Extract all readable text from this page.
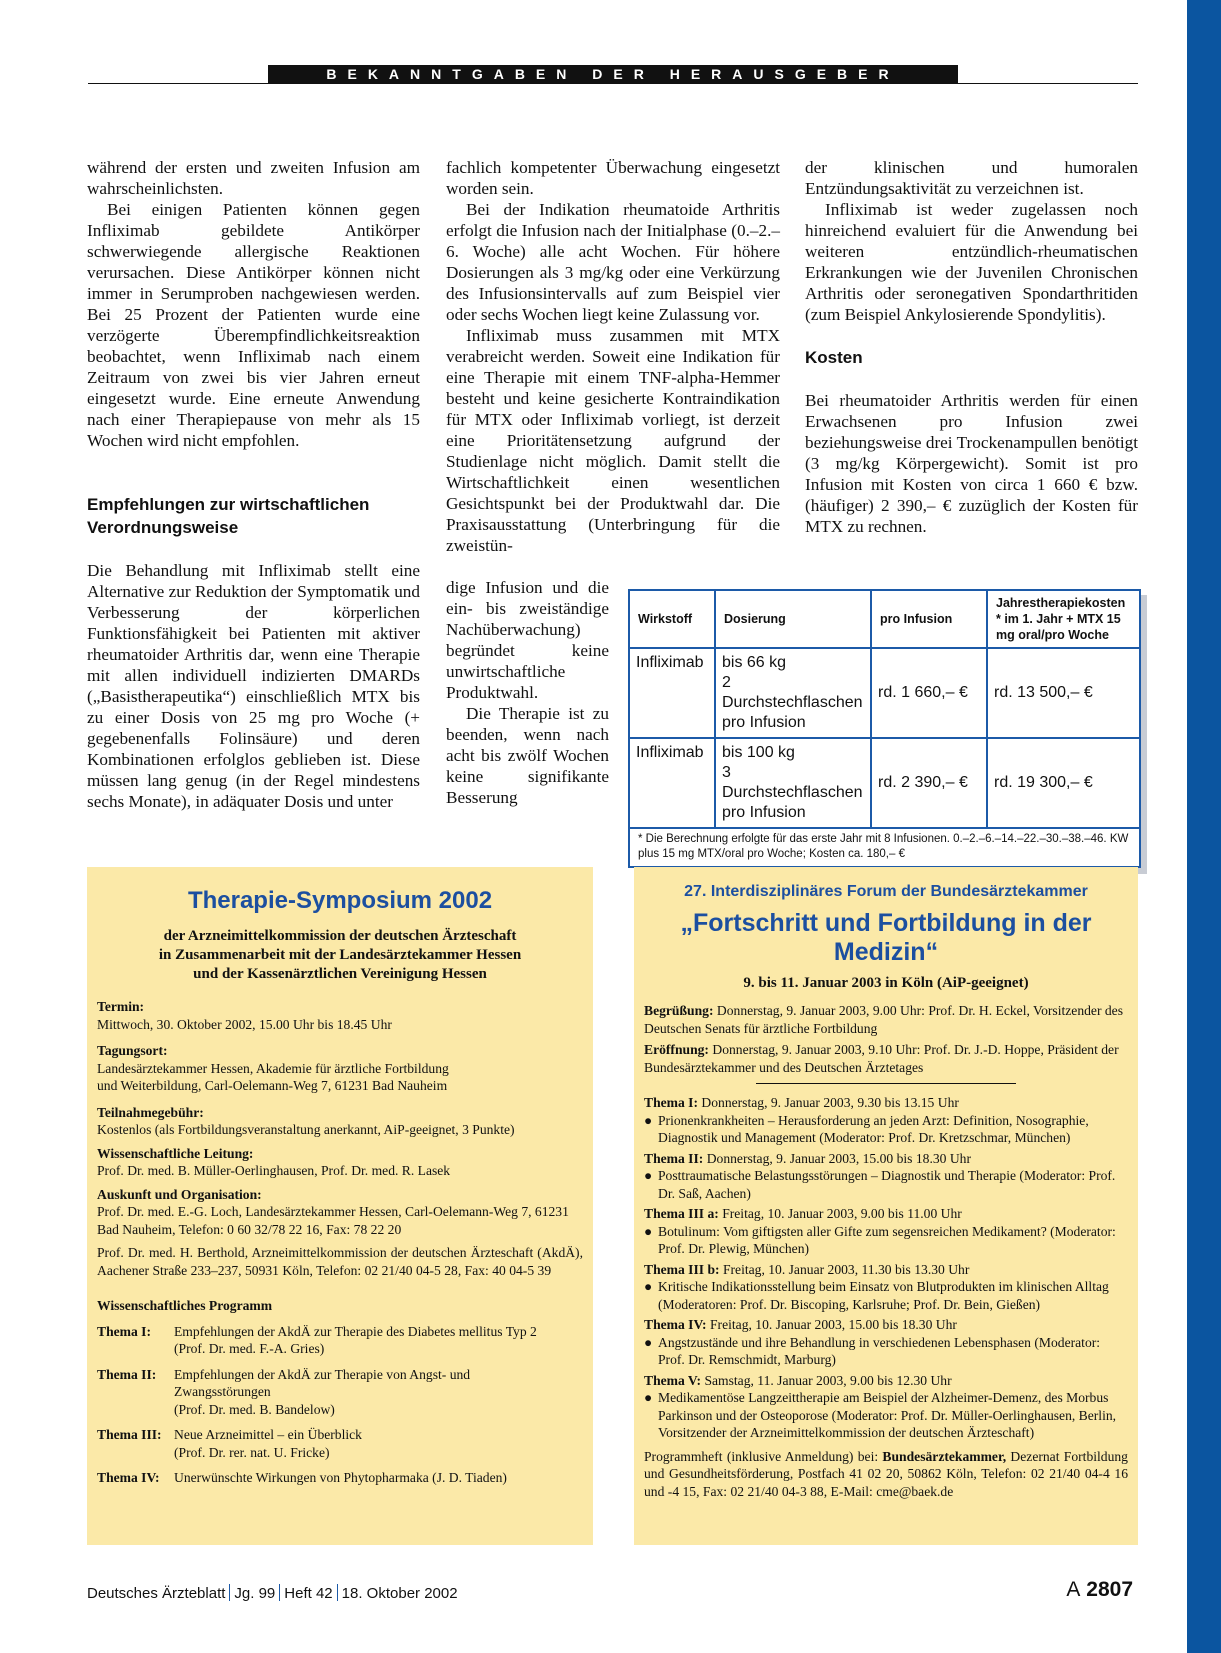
BEKANNTGABEN DER HERAUSGEBER

während der ersten und zweiten Infusion am wahrscheinlichsten.

Bei einigen Patienten können gegen Infliximab gebildete Antikörper schwerwiegende allergische Reaktionen verursachen. Diese Antikörper können nicht immer in Serumproben nachgewiesen werden. Bei 25 Prozent der Patienten wurde eine verzögerte Überempfindlichkeitsreaktion beobachtet, wenn Infliximab nach einem Zeitraum von zwei bis vier Jahren erneut eingesetzt wurde. Eine erneute Anwendung nach einer Therapiepause von mehr als 15 Wochen wird nicht empfohlen.

Empfehlungen zur wirtschaftlichen Verordnungsweise

Die Behandlung mit Infliximab stellt eine Alternative zur Reduktion der Symptomatik und Verbesserung der körperlichen Funktionsfähigkeit bei Patienten mit aktiver rheumatoider Arthritis dar, wenn eine Therapie mit allen individuell indizierten DMARDs („Basistherapeutika“) einschließlich MTX bis zu einer Dosis von 25 mg pro Woche (+ gegebenenfalls Folinsäure) und deren Kombinationen erfolglos geblieben ist. Diese müssen lang genug (in der Regel mindestens sechs Monate), in adäquater Dosis und unter

fachlich kompetenter Überwachung eingesetzt worden sein.

Bei der Indikation rheumatoide Arthritis erfolgt die Infusion nach der Initialphase (0.–2.–6. Woche) alle acht Wochen. Für höhere Dosierungen als 3 mg/kg oder eine Verkürzung des Infusionsintervalls auf zum Beispiel vier oder sechs Wochen liegt keine Zulassung vor.

Infliximab muss zusammen mit MTX verabreicht werden. Soweit eine Indikation für eine Therapie mit einem TNF-alpha-Hemmer besteht und keine gesicherte Kontraindikation für MTX oder Infliximab vorliegt, ist derzeit eine Prioritätensetzung aufgrund der Studienlage nicht möglich. Damit stellt die Wirtschaftlichkeit einen wesentlichen Gesichtspunkt bei der Produktwahl dar. Die Praxisausstattung (Unterbringung für die zweistün-

dige Infusion und die ein- bis zweiständige Nachüberwachung) begründet keine unwirtschaftliche Produktwahl.

Die Therapie ist zu beenden, wenn nach acht bis zwölf Wochen keine signifikante Besserung

der klinischen und humoralen Entzündungsaktivität zu verzeichnen ist.

Infliximab ist weder zugelassen noch hinreichend evaluiert für die Anwendung bei weiteren entzündlich-rheumatischen Erkrankungen wie der Juvenilen Chronischen Arthritis oder seronegativen Spondarthritiden (zum Beispiel Ankylosierende Spondylitis).

Kosten

Bei rheumatoider Arthritis werden für einen Erwachsenen pro Infusion zwei beziehungsweise drei Trockenampullen benötigt (3 mg/kg Körpergewicht). Somit ist pro Infusion mit Kosten von circa 1 660 € bzw. (häufiger) 2 390,– € zuzüglich der Kosten für MTX zu rechnen.

Wirkstoff	Dosierung	pro Infusion	Jahrestherapiekosten * im 1. Jahr + MTX 15 mg oral/pro Woche
Infliximab	bis 66 kg
2 Durchstechflaschen
pro Infusion	rd. 1 660,– €	rd. 13 500,– €
Infliximab	bis 100 kg
3 Durchstechflaschen
pro Infusion	rd. 2 390,– €	rd. 19 300,– €
* Die Berechnung erfolgte für das erste Jahr mit 8 Infusionen. 0.–2.–6.–14.–22.–30.–38.–46. KW plus 15 mg MTX/oral pro Woche; Kosten ca. 180,– €
Therapie-Symposium 2002
der Arzneimittelkommission der deutschen Ärzteschaft
in Zusammenarbeit mit der Landesärztekammer Hessen
und der Kassenärztlichen Vereinigung Hessen
Termin:
Mittwoch, 30. Oktober 2002, 15.00 Uhr bis 18.45 Uhr
Tagungsort:
Landesärztekammer Hessen, Akademie für ärztliche Fortbildung
und Weiterbildung, Carl-Oelemann-Weg 7, 61231 Bad Nauheim
Teilnahmegebühr:
Kostenlos (als Fortbildungsveranstaltung anerkannt, AiP-geeignet, 3 Punkte)
Wissenschaftliche Leitung:
Prof. Dr. med. B. Müller-Oerlinghausen, Prof. Dr. med. R. Lasek
Auskunft und Organisation:
Prof. Dr. med. E.-G. Loch, Landesärztekammer Hessen, Carl-Oelemann-Weg 7, 61231 Bad Nauheim, Telefon: 0 60 32/78 22 16, Fax: 78 22 20
Prof. Dr. med. H. Berthold, Arzneimittelkommission der deutschen Ärzteschaft (AkdÄ), Aachener Straße 233–237, 50931 Köln, Telefon: 02 21/40 04-5 28, Fax: 40 04-5 39
Wissenschaftliches Programm
Thema I:	Empfehlungen der AkdÄ zur Therapie des Diabetes mellitus Typ 2
(Prof. Dr. med. F.-A. Gries)
Thema II:	Empfehlungen der AkdÄ zur Therapie von Angst- und Zwangsstörungen
(Prof. Dr. med. B. Bandelow)
Thema III: Neue Arzneimittel – ein Überblick
(Prof. Dr. rer. nat. U. Fricke)
Thema IV:	Unerwünschte Wirkungen von Phytopharmaka (J. D. Tiaden)
27. Interdisziplinäres Forum der Bundesärztekammer
„Fortschritt und Fortbildung in der Medizin“
9. bis 11. Januar 2003 in Köln (AiP-geeignet)
Begrüßung: Donnerstag, 9. Januar 2003, 9.00 Uhr: Prof. Dr. H. Eckel, Vorsitzender des Deutschen Senats für ärztliche Fortbildung
Eröffnung: Donnerstag, 9. Januar 2003, 9.10 Uhr: Prof. Dr. J.-D. Hoppe, Präsident der Bundesärztekammer und des Deutschen Ärztetages
Thema I: Donnerstag, 9. Januar 2003, 9.30 bis 13.15 Uhr
● Prionenkrankheiten – Herausforderung an jeden Arzt: Definition, Nosographie, Diagnostik und Management (Moderator: Prof. Dr. Kretzschmar, München)
Thema II: Donnerstag, 9. Januar 2003, 15.00 bis 18.30 Uhr
● Posttraumatische Belastungsstörungen – Diagnostik und Therapie (Moderator: Prof. Dr. Saß, Aachen)
Thema III a: Freitag, 10. Januar 2003, 9.00 bis 11.00 Uhr
● Botulinum: Vom giftigsten aller Gifte zum segensreichen Medikament? (Moderator: Prof. Dr. Plewig, München)
Thema III b: Freitag, 10. Januar 2003, 11.30 bis 13.30 Uhr
● Kritische Indikationsstellung beim Einsatz von Blutprodukten im klinischen Alltag (Moderatoren: Prof. Dr. Biscoping, Karlsruhe; Prof. Dr. Bein, Gießen)
Thema IV: Freitag, 10. Januar 2003, 15.00 bis 18.30 Uhr
● Angstzustände und ihre Behandlung in verschiedenen Lebensphasen (Moderator: Prof. Dr. Remschmidt, Marburg)
Thema V: Samstag, 11. Januar 2003, 9.00 bis 12.30 Uhr
● Medikamentöse Langzeittherapie am Beispiel der Alzheimer-Demenz, des Morbus Parkinson und der Osteoporose (Moderator: Prof. Dr. Müller-Oerlinghausen, Berlin, Vorsitzender der Arzneimittelkommission der deutschen Ärzteschaft)
Programmheft (inklusive Anmeldung) bei: Bundesärztekammer, Dezernat Fortbildung und Gesundheitsförderung, Postfach 41 02 20, 50862 Köln, Telefon: 02 21/40 04-4 16 und -4 15, Fax: 02 21/40 04-3 88, E-Mail: cme@baek.de
Deutsches Ärzteblatt Jg. 99 Heft 42 18. Oktober 2002	A 2807
